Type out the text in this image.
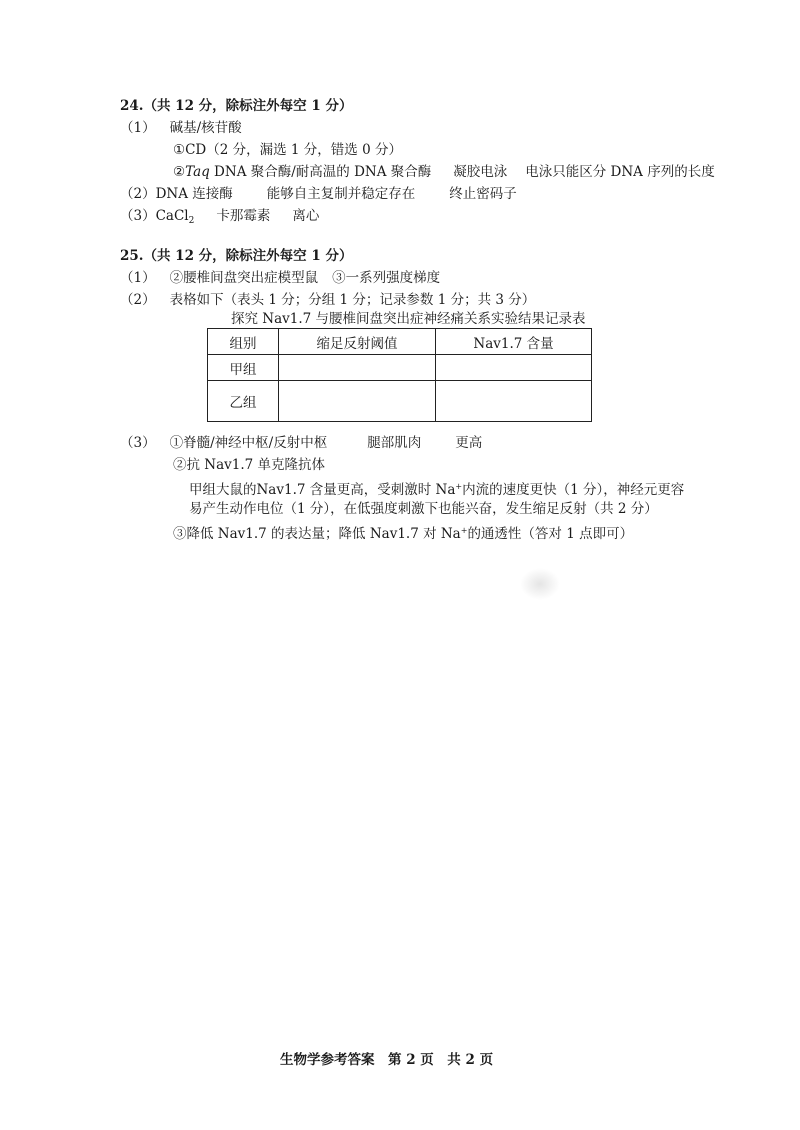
24.（共 12 分，除标注外每空 1 分）
（1） 碱基/核苷酸
①CD（2 分，漏选 1 分，错选 0 分）
②Taq DNA 聚合酶/耐高温的 DNA 聚合酶 凝胶电泳 电泳只能区分 DNA 序列的长度
（2）DNA 连接酶	能够自主复制并稳定存在	终止密码子
（3）CaCl$_2$ 卡那霉素 离心
25.（共 12 分，除标注外每空 1 分）
（1） ②腰椎间盘突出症模型鼠 ③一系列强度梯度
（2） 表格如下（表头 1 分；分组 1 分；记录参数 1 分；共 3 分）
探究 Nav1.7 与腰椎间盘突出症神经痛关系实验结果记录表
组别	缩足反射阈值	Nav1.7 含量
甲组		
乙组		
（3） ①脊髓/神经中枢/反射中枢	腿部肌肉	更高
②抗 Nav1.7 单克隆抗体
甲组大鼠的Nav1.7 含量更高，受刺激时 Na+内流的速度更快（1 分），神经元更容
易产生动作电位（1 分），在低强度刺激下也能兴奋，发生缩足反射（共 2 分）
③降低 Nav1.7 的表达量；降低 Nav1.7 对 Na+的通透性（答对 1 点即可）
生物学参考答案　第 2 页　共 2 页
